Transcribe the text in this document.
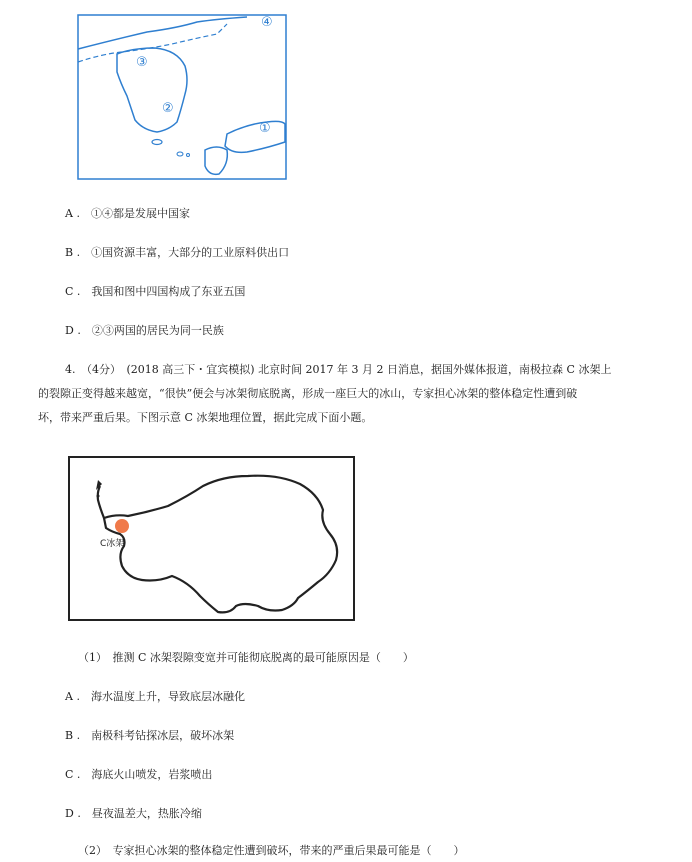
④
③
②
①
A .　①④都是发展中国家
B .　①国资源丰富，大部分的工业原料供出口
C .　我国和图中四国构成了东亚五国
D .　②③两国的居民为同一民族
4.　（4分）　(2018 高三下・宜宾模拟) 北京时间 2017 年 3 月 2 日消息，据国外媒体报道，南极拉森 C 冰架上
的裂隙正变得越来越宽，“很快”便会与冰架彻底脱离，形成一座巨大的冰山，专家担心冰架的整体稳定性遭到破
坏，带来严重后果。下图示意 C 冰架地理位置，据此完成下面小题。
C冰架
（1）　推测 C 冰架裂隙变宽并可能彻底脱离的最可能原因是（　　）
A .　海水温度上升，导致底层冰融化
B .　南极科考钻探冰层，破坏冰架
C .　海底火山喷发，岩浆喷出
D .　昼夜温差大，热胀冷缩
（2）　专家担心冰架的整体稳定性遭到破坏，带来的严重后果最可能是（　　）
